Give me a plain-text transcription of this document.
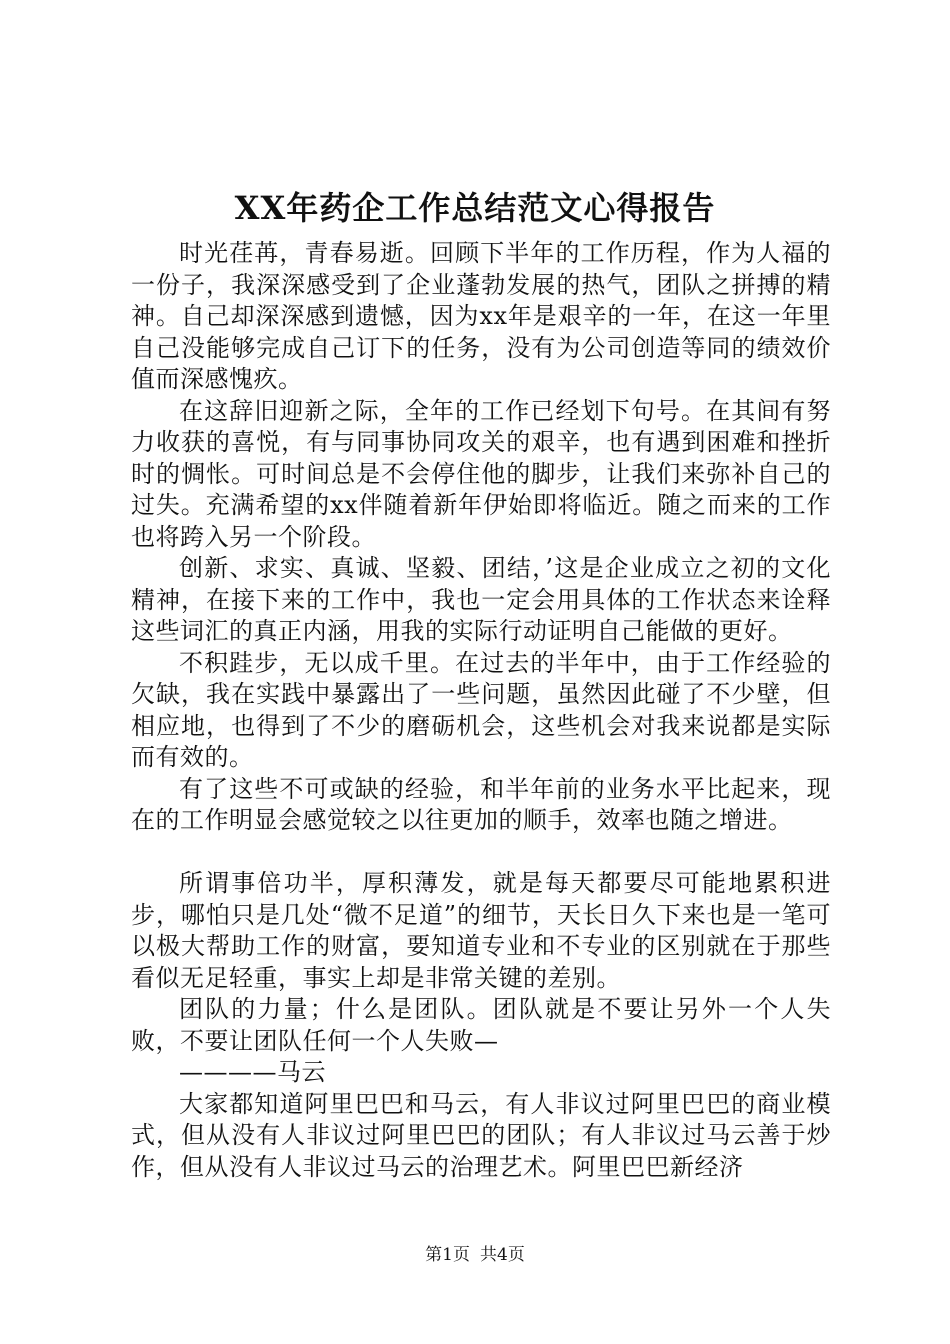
XX年药企工作总结范文心得报告

时光荏苒，青春易逝。回顾下半年的工作历程，作为人福的一份子，我深深感受到了企业蓬勃发展的热气，团队之拼搏的精神。自己却深深感到遗憾，因为xx年是艰辛的一年，在这一年里自己没能够完成自己订下的任务，没有为公司创造等同的绩效价值而深感愧疚。

在这辞旧迎新之际，全年的工作已经划下句号。在其间有努力收获的喜悦，有与同事协同攻关的艰辛，也有遇到困难和挫折时的惆怅。可时间总是不会停住他的脚步，让我们来弥补自己的过失。充满希望的xx伴随着新年伊始即将临近。随之而来的工作也将跨入另一个阶段。

创新、求实、真诚、坚毅、团结，’这是企业成立之初的文化精神，在接下来的工作中，我也一定会用具体的工作状态来诠释这些词汇的真正内涵，用我的实际行动证明自己能做的更好。

不积跬步，无以成千里。在过去的半年中，由于工作经验的欠缺，我在实践中暴露出了一些问题，虽然因此碰了不少壁，但相应地，也得到了不少的磨砺机会，这些机会对我来说都是实际而有效的。

有了这些不可或缺的经验，和半年前的业务水平比起来，现在的工作明显会感觉较之以往更加的顺手，效率也随之增进。

所谓事倍功半，厚积薄发，就是每天都要尽可能地累积进步，哪怕只是几处“微不足道”的细节，天长日久下来也是一笔可以极大帮助工作的财富，要知道专业和不专业的区别就在于那些看似无足轻重，事实上却是非常关键的差别。

团队的力量；什么是团队。团队就是不要让另外一个人失败，不要让团队任何一个人失败—

————马云

大家都知道阿里巴巴和马云，有人非议过阿里巴巴的商业模式，但从没有人非议过阿里巴巴的团队；有人非议过马云善于炒作，但从没有人非议过马云的治理艺术。阿里巴巴新经济

第1页 共4页
